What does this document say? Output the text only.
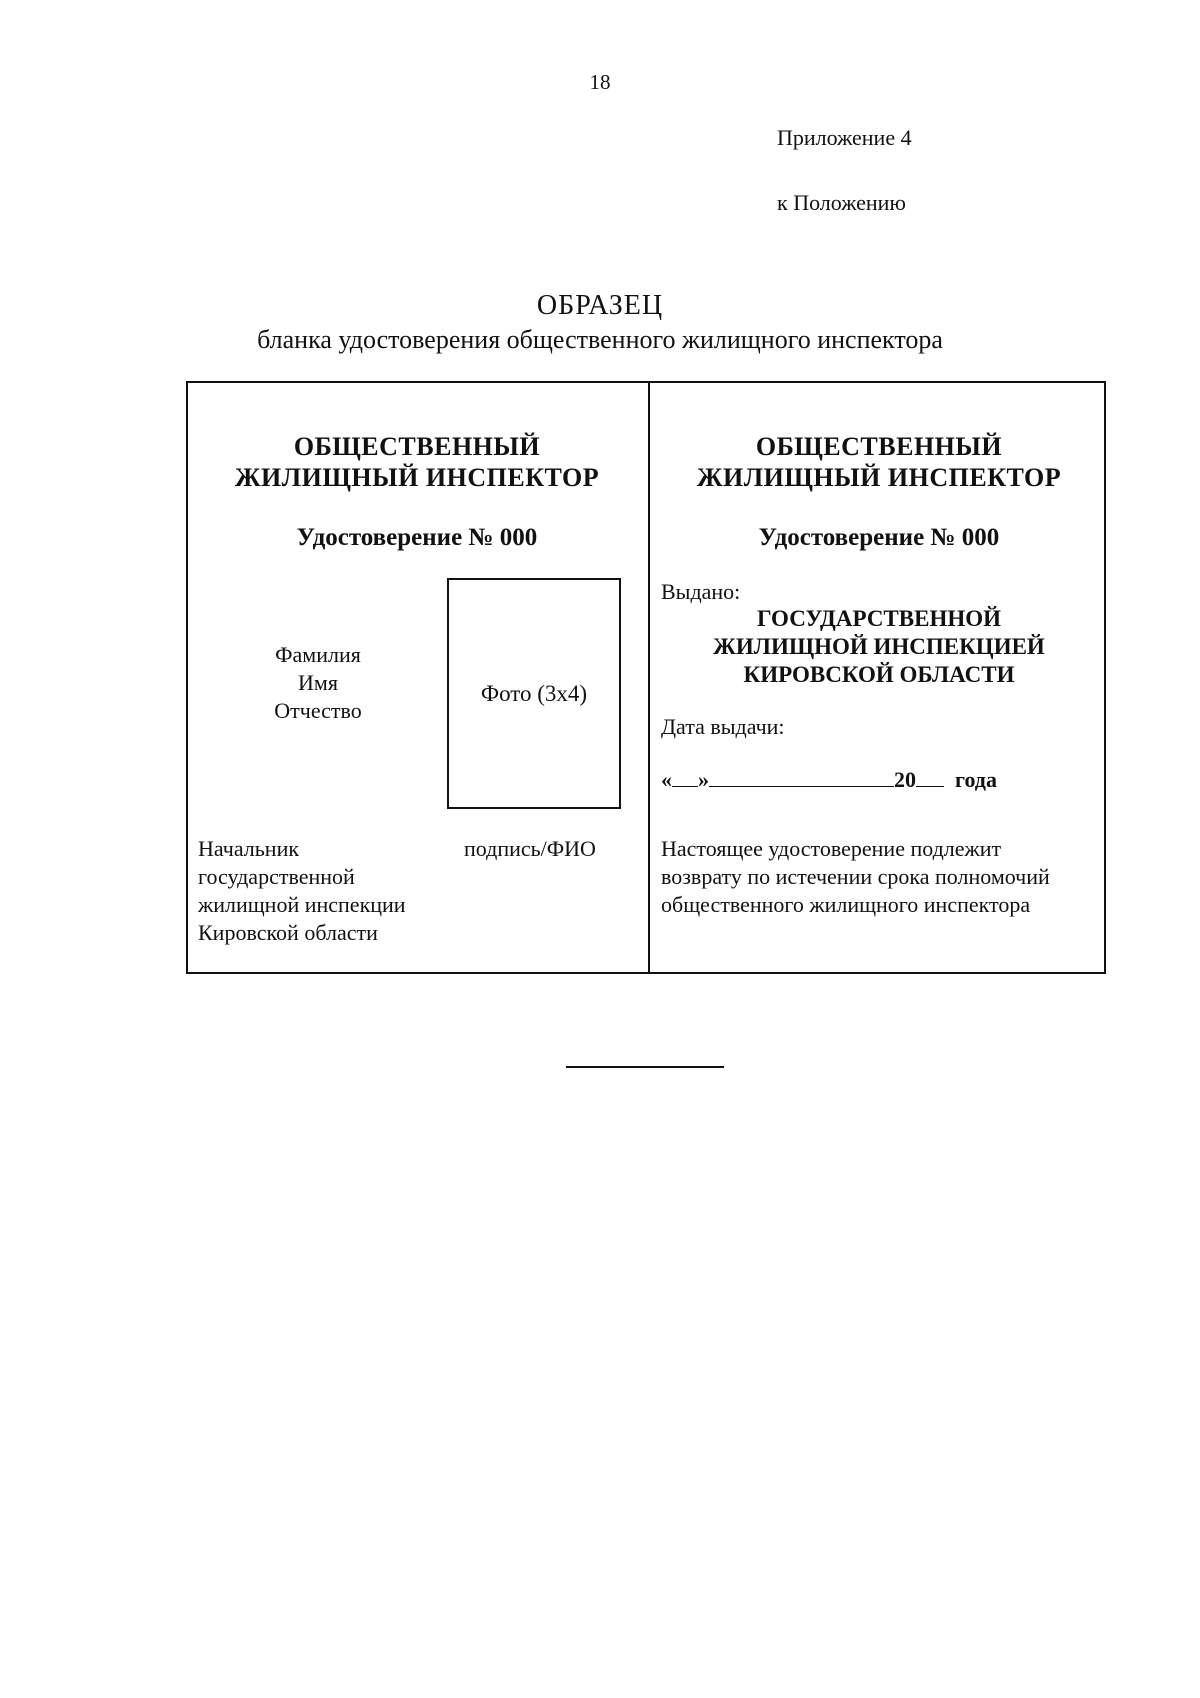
18
Приложение 4
к Положению
ОБРАЗЕЦ
бланка удостоверения общественного жилищного инспектора
ОБЩЕСТВЕННЫЙ
ЖИЛИЩНЫЙ ИНСПЕКТОР
Удостоверение № 000
Фамилия
Имя
Отчество
Фото (3х4)
Начальник
государственной
жилищной инспекции
Кировской области
подпись/ФИО
ОБЩЕСТВЕННЫЙ
ЖИЛИЩНЫЙ ИНСПЕКТОР
Удостоверение № 000
Выдано:
ГОСУДАРСТВЕННОЙ
ЖИЛИЩНОЙ ИНСПЕКЦИЕЙ
КИРОВСКОЙ ОБЛАСТИ
Дата выдачи:
« »	20 года
Настоящее удостоверение подлежит
возврату по истечении срока полномочий
общественного жилищного инспектора
